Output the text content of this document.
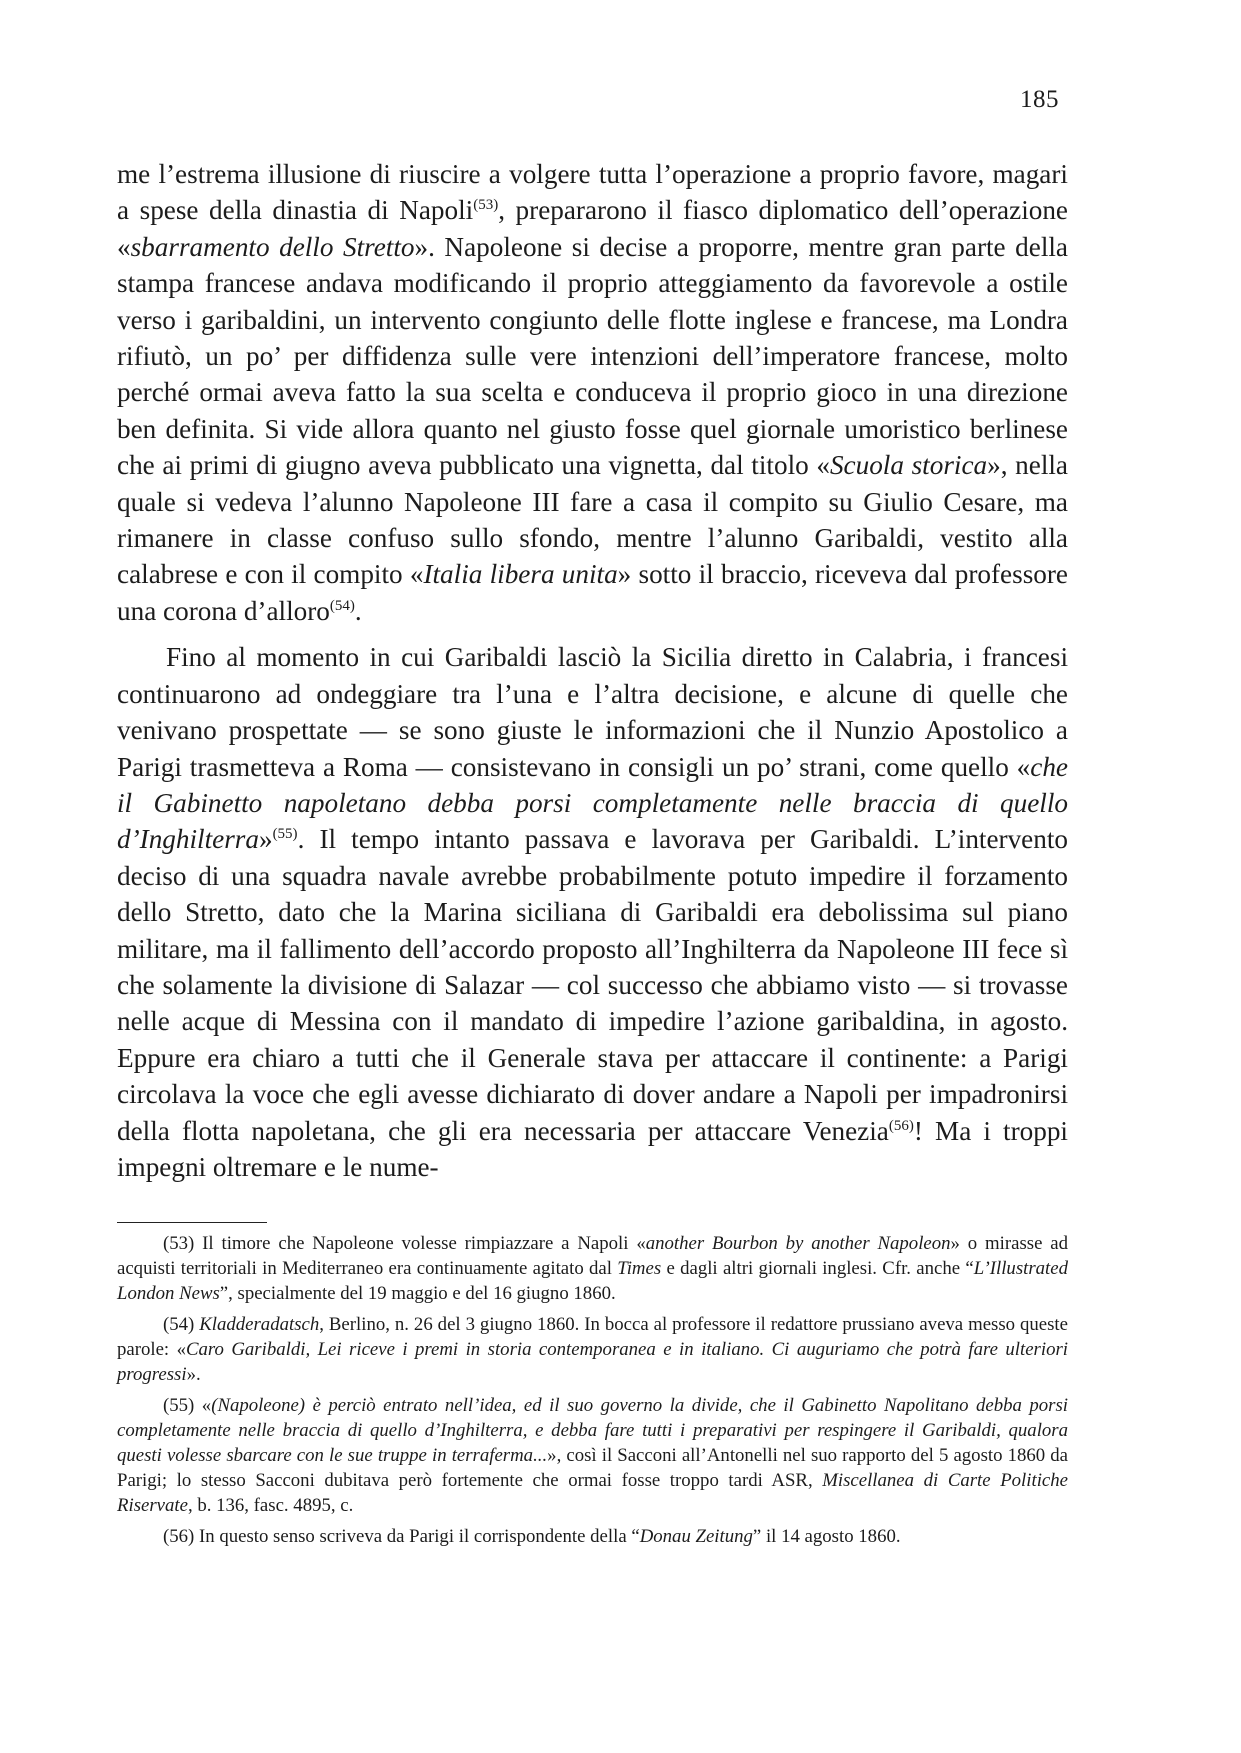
185

me l’estrema illusione di riuscire a volgere tutta l’operazione a proprio favore, magari a spese della dinastia di Napoli$^{(53)}$, prepararono il fiasco diplomatico dell’operazione «sbarramento dello Stretto». Napoleone si decise a proporre, mentre gran parte della stampa francese andava modificando il proprio atteggiamento da favorevole a ostile verso i garibaldini, un intervento congiunto delle flotte inglese e francese, ma Londra rifiutò, un po’ per diffidenza sulle vere intenzioni dell’imperatore francese, molto perché ormai aveva fatto la sua scelta e conduceva il proprio gioco in una direzione ben definita. Si vide allora quanto nel giusto fosse quel giornale umoristico berlinese che ai primi di giugno aveva pubblicato una vignetta, dal titolo «Scuola storica», nella quale si vedeva l’alunno Napoleone III fare a casa il compito su Giulio Cesare, ma rimanere in classe confuso sullo sfondo, mentre l’alunno Garibaldi, vestito alla calabrese e con il compito «Italia libera unita» sotto il braccio, riceveva dal professore una corona d’alloro$^{(54)}$.

Fino al momento in cui Garibaldi lasciò la Sicilia diretto in Calabria, i francesi continuarono ad ondeggiare tra l’una e l’altra decisione, e alcune di quelle che venivano prospettate — se sono giuste le informazioni che il Nunzio Apostolico a Parigi trasmetteva a Roma — consistevano in consigli un po’ strani, come quello «che il Gabinetto napoletano debba porsi completamente nelle braccia di quello d’Inghilterra»$^{(55)}$. Il tempo intanto passava e lavorava per Garibaldi. L’intervento deciso di una squadra navale avrebbe probabilmente potuto impedire il forzamento dello Stretto, dato che la Marina siciliana di Garibaldi era debolissima sul piano militare, ma il fallimento dell’accordo proposto all’Inghilterra da Napoleone III fece sì che solamente la divisione di Salazar — col successo che abbiamo visto — si trovasse nelle acque di Messina con il mandato di impedire l’azione garibaldina, in agosto. Eppure era chiaro a tutti che il Generale stava per attaccare il continente: a Parigi circolava la voce che egli avesse dichiarato di dover andare a Napoli per impadronirsi della flotta napoletana, che gli era necessaria per attaccare Venezia$^{(56)}$! Ma i troppi impegni oltremare e le nume-

(53) Il timore che Napoleone volesse rimpiazzare a Napoli «another Bourbon by another Napoleon» o mirasse ad acquisti territoriali in Mediterraneo era continuamente agitato dal Times e dagli altri giornali inglesi. Cfr. anche “L’Illustrated London News”, specialmente del 19 maggio e del 16 giugno 1860.

(54) Kladderadatsch, Berlino, n. 26 del 3 giugno 1860. In bocca al professore il redattore prussiano aveva messo queste parole: «Caro Garibaldi, Lei riceve i premi in storia contemporanea e in italiano. Ci auguriamo che potrà fare ulteriori progressi».

(55) «(Napoleone) è perciò entrato nell’idea, ed il suo governo la divide, che il Gabinetto Napolitano debba porsi completamente nelle braccia di quello d’Inghilterra, e debba fare tutti i preparativi per respingere il Garibaldi, qualora questi volesse sbarcare con le sue truppe in terraferma...», così il Sacconi all’Antonelli nel suo rapporto del 5 agosto 1860 da Parigi; lo stesso Sacconi dubitava però fortemente che ormai fosse troppo tardi ASR, Miscellanea di Carte Politiche Riservate, b. 136, fasc. 4895, c.

(56) In questo senso scriveva da Parigi il corrispondente della “Donau Zeitung” il 14 agosto 1860.
